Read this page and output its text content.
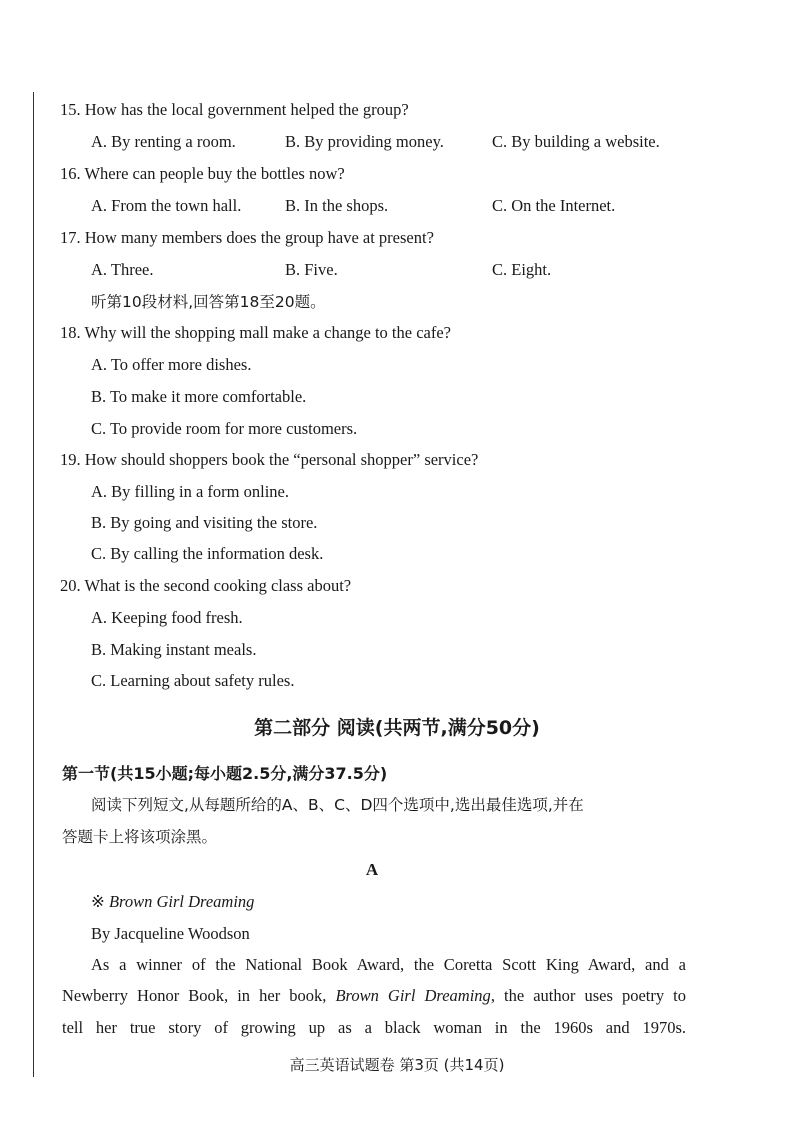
15. How has the local government helped the group?
A. By renting a room.	B. By providing money.	C. By building a website.
16. Where can people buy the bottles now?
A. From the town hall.	B. In the shops.	C. On the Internet.
17. How many members does the group have at present?
A. Three.	B. Five.	C. Eight.
听第10段材料,回答第18至20题。
18. Why will the shopping mall make a change to the cafe?
A. To offer more dishes.
B. To make it more comfortable.
C. To provide room for more customers.
19. How should shoppers book the “personal shopper” service?
A. By filling in a form online.
B. By going and visiting the store.
C. By calling the information desk.
20. What is the second cooking class about?
A. Keeping food fresh.
B. Making instant meals.
C. Learning about safety rules.
第二部分 阅读(共两节,满分50分)
第一节(共15小题;每小题2.5分,满分37.5分)
阅读下列短文,从每题所给的A、B、C、D四个选项中,选出最佳选项,并在
答题卡上将该项涂黑。
A
※ Brown Girl Dreaming
By Jacqueline Woodson
As a winner of the National Book Award, the Coretta Scott King Award, and a
Newberry Honor Book, in her book, Brown Girl Dreaming, the author uses poetry to
tell her true story of growing up as a black woman in the 1960s and 1970s.
高三英语试题卷 第3页 (共14页)
